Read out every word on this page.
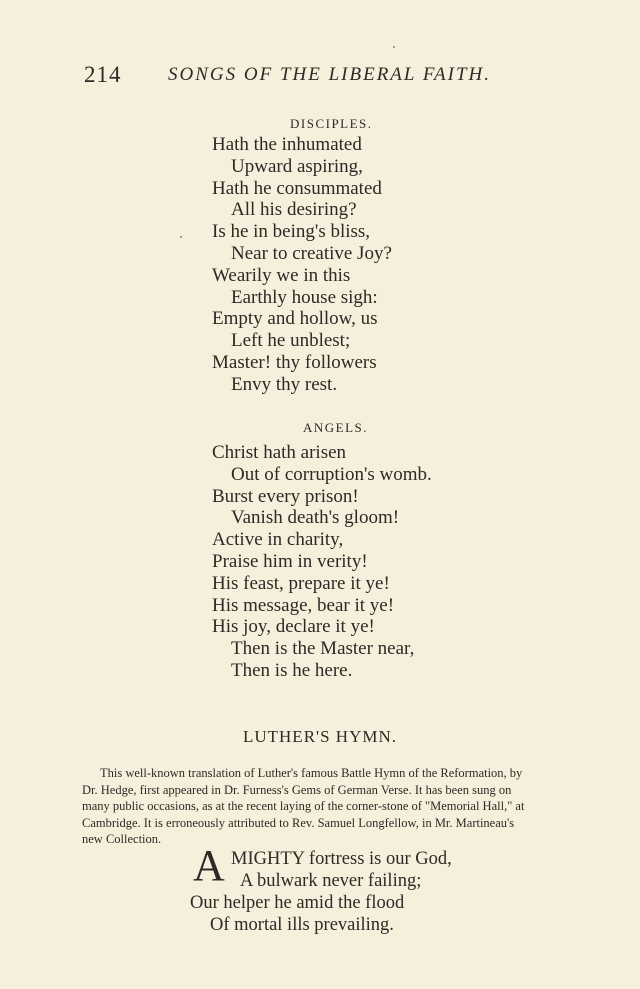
214 SONGS OF THE LIBERAL FAITH.
DISCIPLES.
Hath the inhumated
Upward aspiring,
Hath he consummated
All his desiring?
Is he in being's bliss,
Near to creative Joy?
Wearily we in this
Earthly house sigh:
Empty and hollow, us
Left he unblest;
Master! thy followers
Envy thy rest.
ANGELS.
Christ hath arisen
Out of corruption's womb.
Burst every prison!
Vanish death's gloom!
Active in charity,
Praise him in verity!
His feast, prepare it ye!
His message, bear it ye!
His joy, declare it ye!
Then is the Master near,
Then is he here.
LUTHER'S HYMN.
This well-known translation of Luther's famous Battle Hymn of the Reformation, by
Dr. Hedge, first appeared in Dr. Furness's Gems of German Verse. It has been sung on
many public occasions, as at the recent laying of the corner-stone of "Memorial Hall," at
Cambridge. It is erroneously attributed to Rev. Samuel Longfellow, in Mr. Martineau's
new Collection.
A MIGHTY fortress is our God,
A bulwark never failing;
Our helper he amid the flood
Of mortal ills prevailing.
